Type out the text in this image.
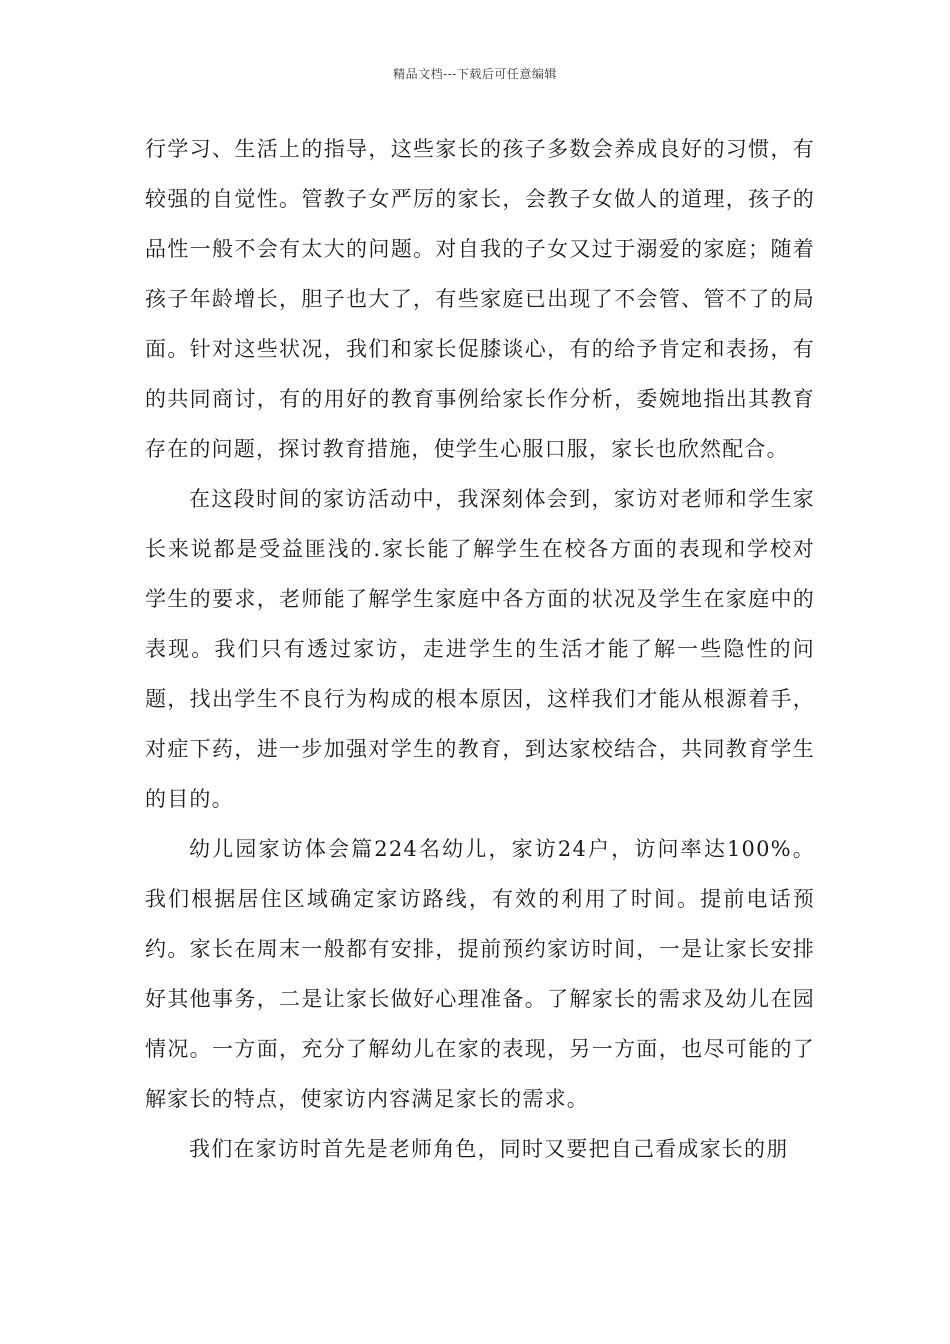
精品文档---下载后可任意编辑

行学习、生活上的指导，这些家长的孩子多数会养成良好的习惯，有较强的自觉性。管教子女严厉的家长，会教子女做人的道理，孩子的品性一般不会有太大的问题。对自我的子女又过于溺爱的家庭；随着孩子年龄增长，胆子也大了，有些家庭已出现了不会管、管不了的局面。针对这些状况，我们和家长促膝谈心，有的给予肯定和表扬，有的共同商讨，有的用好的教育事例给家长作分析，委婉地指出其教育存在的问题，探讨教育措施，使学生心服口服，家长也欣然配合。

在这段时间的家访活动中，我深刻体会到，家访对老师和学生家长来说都是受益匪浅的.家长能了解学生在校各方面的表现和学校对学生的要求，老师能了解学生家庭中各方面的状况及学生在家庭中的表现。我们只有透过家访，走进学生的生活才能了解一些隐性的问题，找出学生不良行为构成的根本原因，这样我们才能从根源着手，对症下药，进一步加强对学生的教育，到达家校结合，共同教育学生的目的。

幼儿园家访体会篇224名幼儿，家访24户，访问率达100%。我们根据居住区域确定家访路线，有效的利用了时间。提前电话预约。家长在周末一般都有安排，提前预约家访时间，一是让家长安排好其他事务，二是让家长做好心理准备。了解家长的需求及幼儿在园情况。一方面，充分了解幼儿在家的表现，另一方面，也尽可能的了解家长的特点，使家访内容满足家长的需求。

我们在家访时首先是老师角色，同时又要把自己看成家长的朋
